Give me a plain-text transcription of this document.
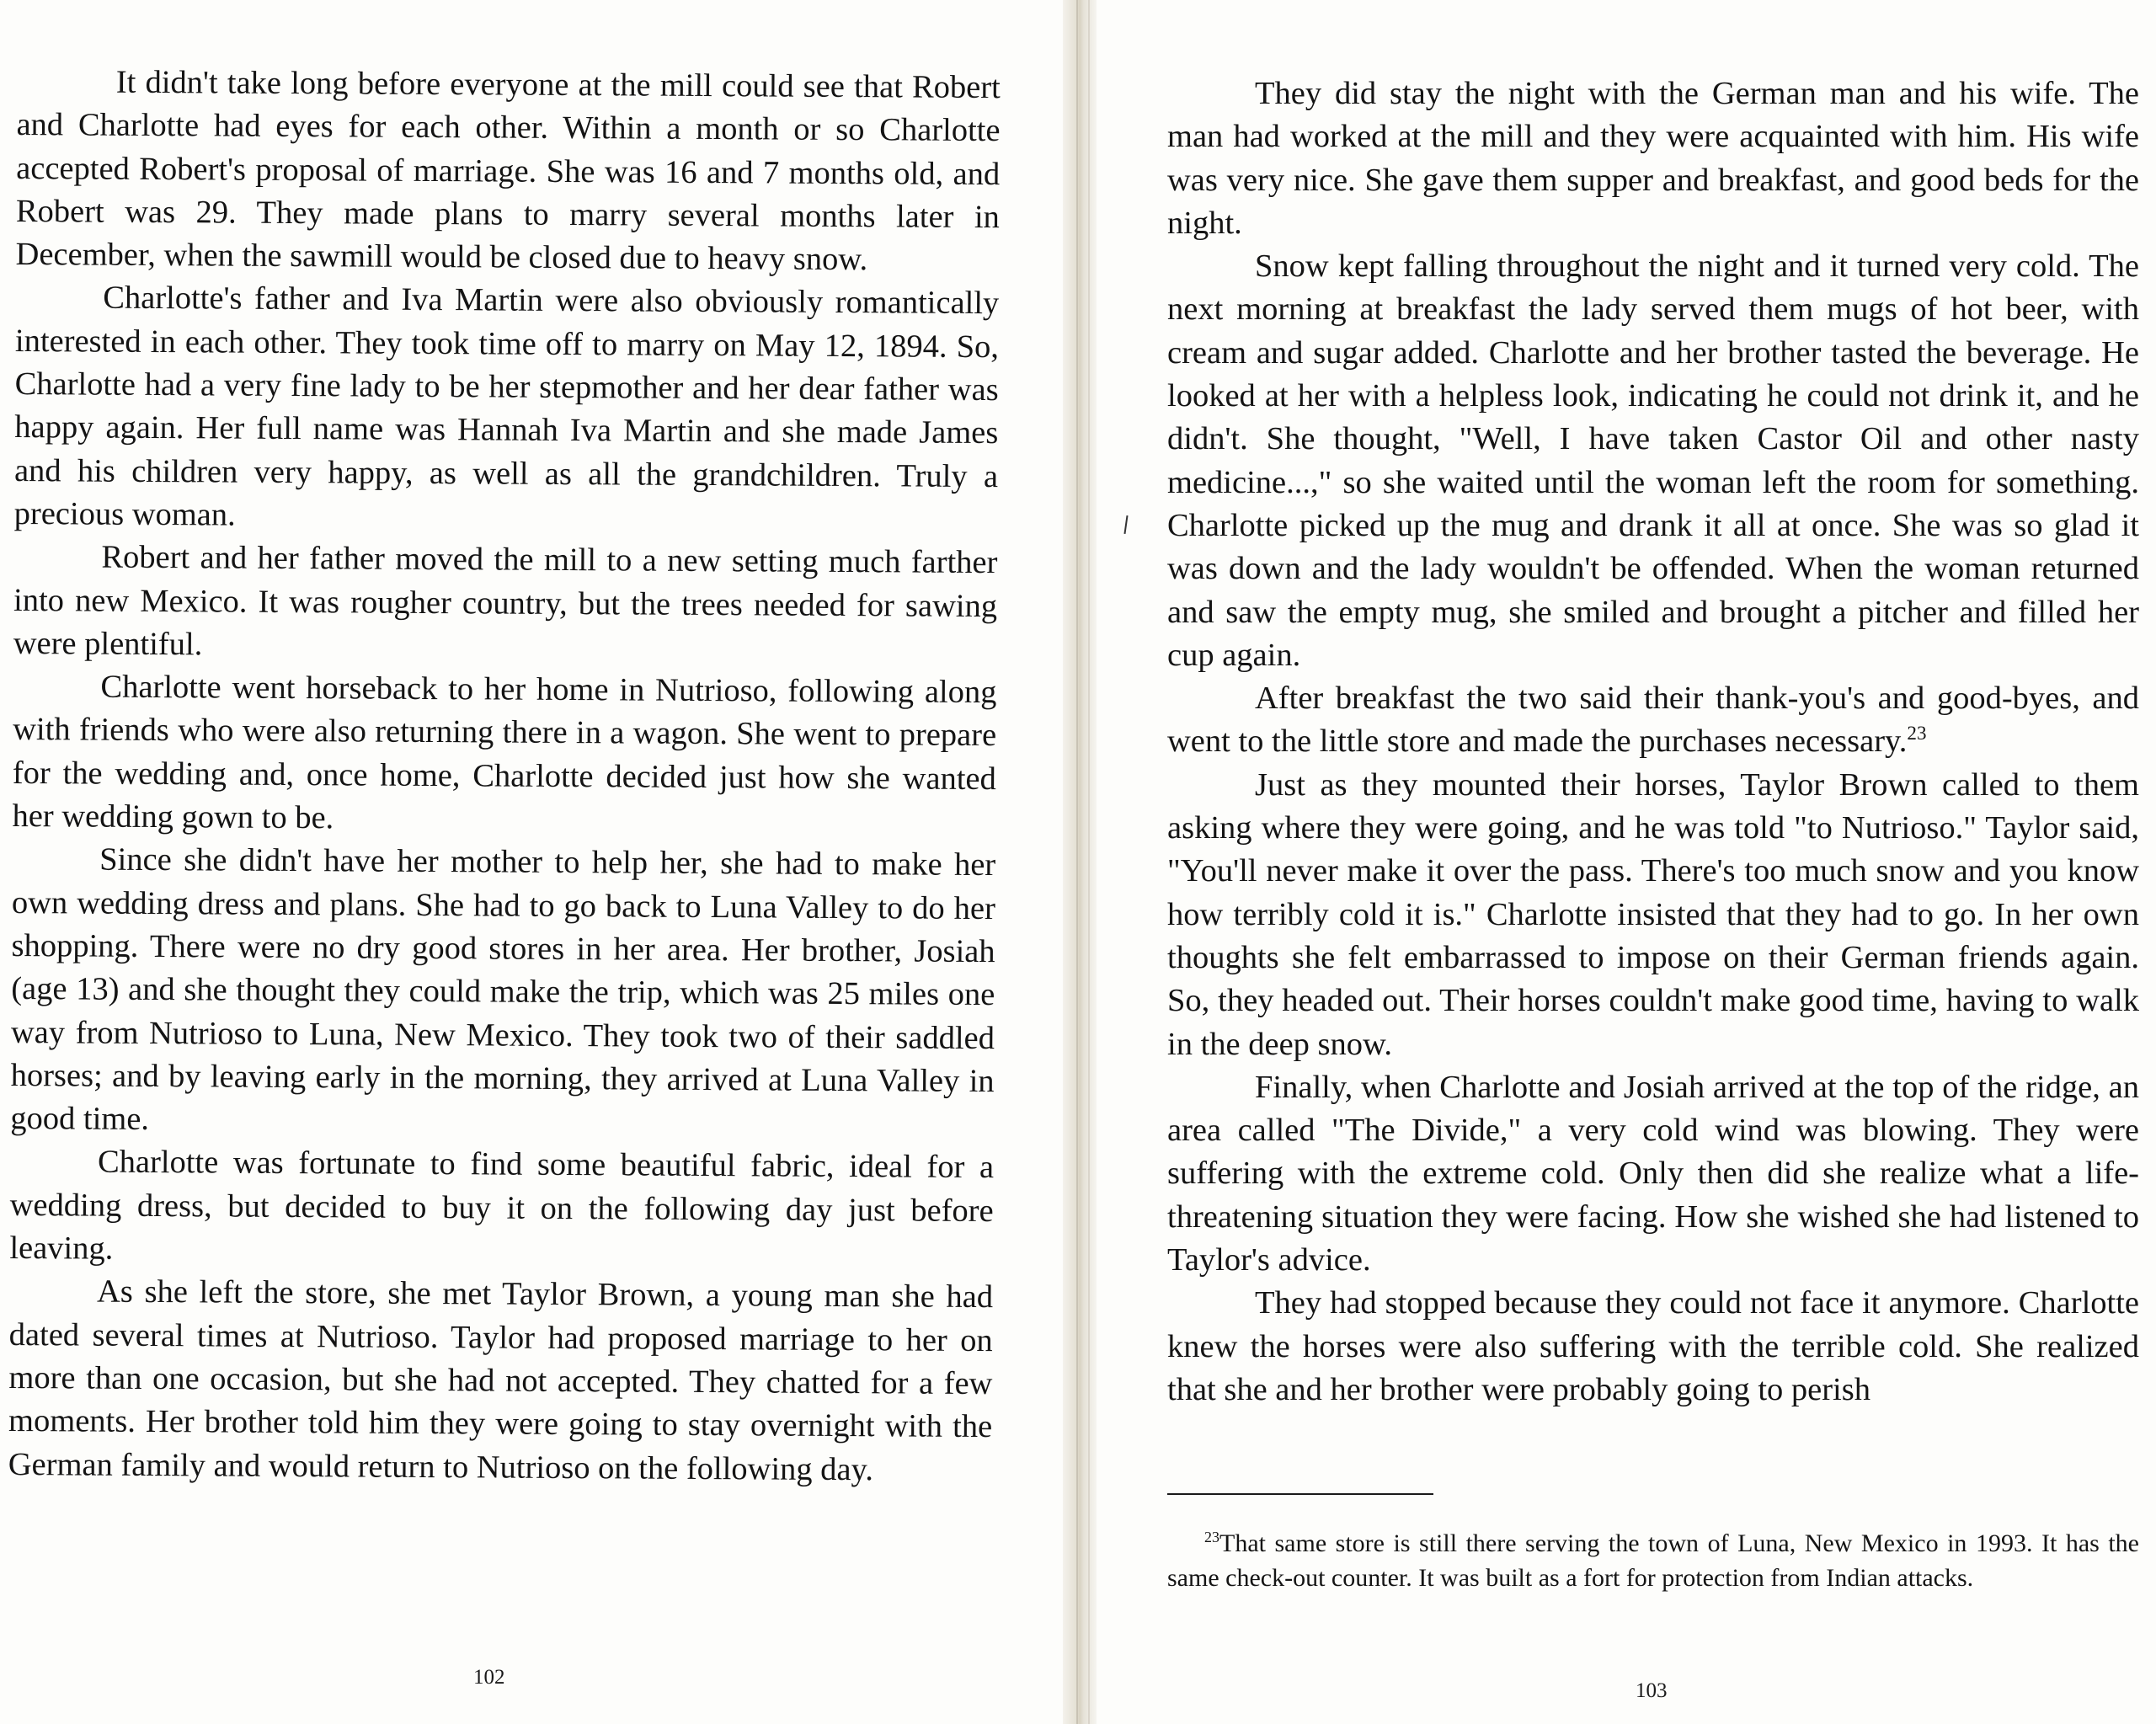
It didn't take long before everyone at the mill could see that Robert and Charlotte had eyes for each other. Within a month or so Charlotte accepted Robert's proposal of marriage. She was 16 and 7 months old, and Robert was 29. They made plans to marry several months later in December, when the sawmill would be closed due to heavy snow.

Charlotte's father and Iva Martin were also obviously romantically interested in each other. They took time off to marry on May 12, 1894. So, Charlotte had a very fine lady to be her stepmother and her dear father was happy again. Her full name was Hannah Iva Martin and she made James and his children very happy, as well as all the grandchildren. Truly a precious woman.

Robert and her father moved the mill to a new setting much farther into new Mexico. It was rougher country, but the trees needed for sawing were plentiful.

Charlotte went horseback to her home in Nutrioso, following along with friends who were also returning there in a wagon. She went to prepare for the wedding and, once home, Charlotte decided just how she wanted her wedding gown to be.

Since she didn't have her mother to help her, she had to make her own wedding dress and plans. She had to go back to Luna Valley to do her shopping. There were no dry good stores in her area. Her brother, Josiah (age 13) and she thought they could make the trip, which was 25 miles one way from Nutrioso to Luna, New Mexico. They took two of their saddled horses; and by leaving early in the morning, they arrived at Luna Valley in good time.

Charlotte was fortunate to find some beautiful fabric, ideal for a wedding dress, but decided to buy it on the following day just before leaving.

As she left the store, she met Taylor Brown, a young man she had dated several times at Nutrioso. Taylor had proposed marriage to her on more than one occasion, but she had not accepted. They chatted for a few moments. Her brother told him they were going to stay overnight with the German family and would return to Nutrioso on the following day.

102

They did stay the night with the German man and his wife. The man had worked at the mill and they were acquainted with him. His wife was very nice. She gave them supper and breakfast, and good beds for the night.

Snow kept falling throughout the night and it turned very cold. The next morning at breakfast the lady served them mugs of hot beer, with cream and sugar added. Charlotte and her brother tasted the beverage. He looked at her with a helpless look, indicating he could not drink it, and he didn't. She thought, "Well, I have taken Castor Oil and other nasty medicine...," so she waited until the woman left the room for something. Charlotte picked up the mug and drank it all at once. She was so glad it was down and the lady wouldn't be offended. When the woman returned and saw the empty mug, she smiled and brought a pitcher and filled her cup again.

After breakfast the two said their thank-you's and good-byes, and went to the little store and made the purchases necessary.$^{23}$

Just as they mounted their horses, Taylor Brown called to them asking where they were going, and he was told "to Nutrioso." Taylor said, "You'll never make it over the pass. There's too much snow and you know how terribly cold it is." Charlotte insisted that they had to go. In her own thoughts she felt embarrassed to impose on their German friends again. So, they headed out. Their horses couldn't make good time, having to walk in the deep snow.

Finally, when Charlotte and Josiah arrived at the top of the ridge, an area called "The Divide," a very cold wind was blowing. They were suffering with the extreme cold. Only then did she realize what a life-threatening situation they were facing. How she wished she had listened to Taylor's advice.

They had stopped because they could not face it anymore. Charlotte knew the horses were also suffering with the terrible cold. She realized that she and her brother were probably going to perish

$^{23}$That same store is still there serving the town of Luna, New Mexico in 1993. It has the same check-out counter. It was built as a fort for protection from Indian attacks.

103
